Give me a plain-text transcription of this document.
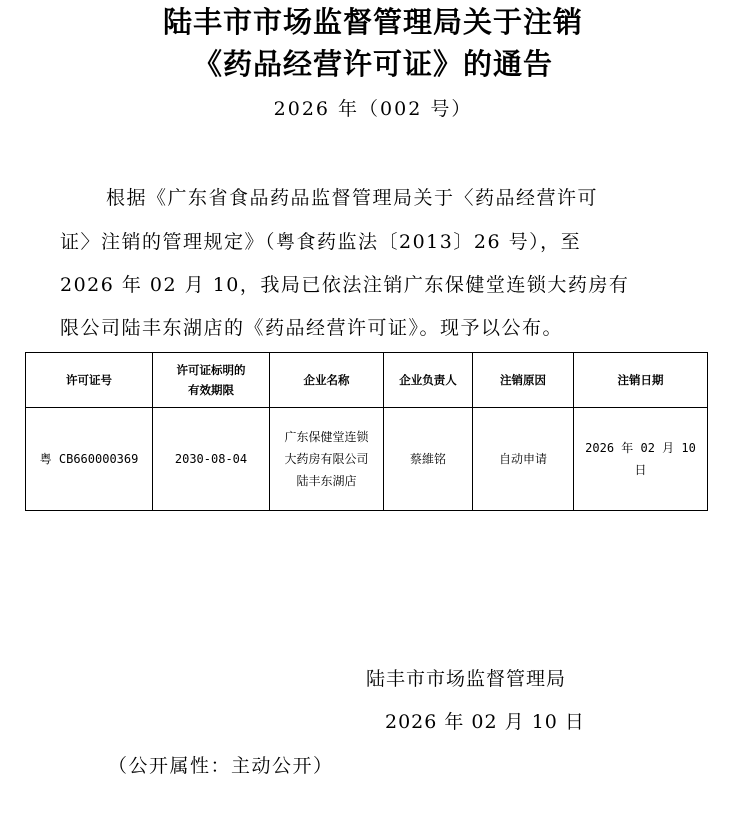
陆丰市市场监督管理局关于注销
《药品经营许可证》的通告
2026 年（002 号）
根据《广东省食品药品监督管理局关于〈药品经营许可
证〉注销的管理规定》（粤食药监法〔2013〕26 号），至
2026 年 02 月 10，我局已依法注销广东保健堂连锁大药房有
限公司陆丰东湖店的《药品经营许可证》。现予以公布。
许可证号	许可证标明的
有效期限	企业名称	企业负责人	注销原因	注销日期

粤 CB660000369	2030-08-04	广东保健堂连锁
大药房有限公司
陆丰东湖店	蔡維铭	自动申请	2026 年 02 月 10
日
陆丰市市场监督管理局
2026 年 02 月 10 日
（公开属性：主动公开）
